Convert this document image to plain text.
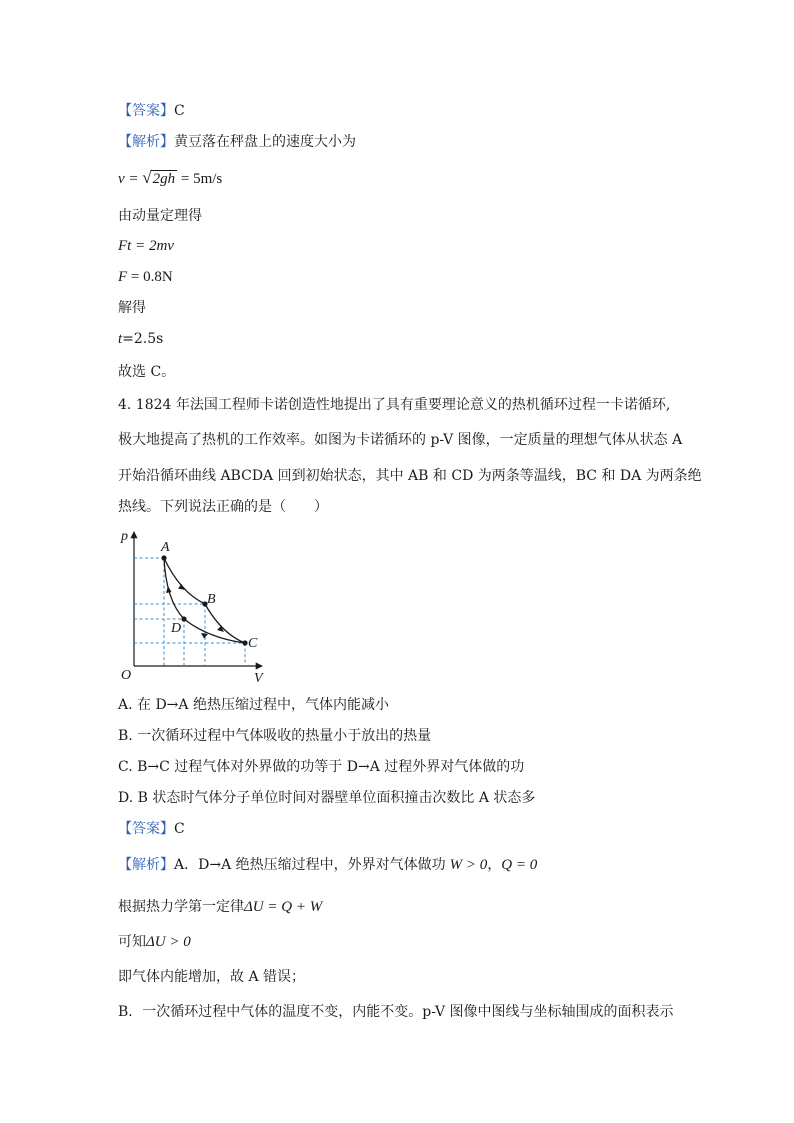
【答案】C
【解析】黄豆落在秤盘上的速度大小为
v = √2gh = 5m/s
由动量定理得
Ft = 2mv
F = 0.8N
解得
t=2.5s
故选 C。
4. 1824 年法国工程师卡诺创造性地提出了具有重要理论意义的热机循环过程一卡诺循环,
极大地提高了热机的工作效率。如图为卡诺循环的 p-V 图像，一定质量的理想气体从状态 A
开始沿循环曲线 ABCDA 回到初始状态，其中 AB 和 CD 为两条等温线，BC 和 DA 为两条绝
热线。下列说法正确的是（　　）
p
V
O
A
B
C
D
A. 在 D→A 绝热压缩过程中，气体内能减小
B. 一次循环过程中气体吸收的热量小于放出的热量
C. B→C 过程气体对外界做的功等于 D→A 过程外界对气体做的功
D. B 状态时气体分子单位时间对器壁单位面积撞击次数比 A 状态多
【答案】C
【解析】A．D→A 绝热压缩过程中，外界对气体做功 W > 0，Q = 0
根据热力学第一定律ΔU = Q + W
可知ΔU > 0
即气体内能增加，故 A 错误；
B．一次循环过程中气体的温度不变，内能不变。p-V 图像中图线与坐标轴围成的面积表示
